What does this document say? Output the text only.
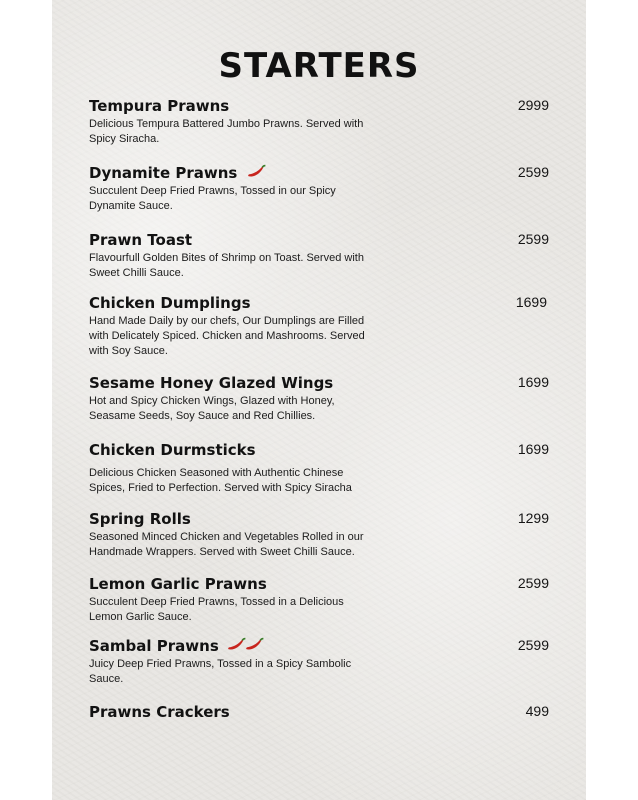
STARTERS
Tempura Prawns
Delicious Tempura Battered Jumbo Prawns. Served with Spicy Siracha.
2999
Dynamite Prawns
Succulent Deep Fried Prawns, Tossed in our Spicy Dynamite Sauce.
2599
Prawn Toast
Flavourfull Golden Bites of Shrimp on Toast. Served with Sweet Chilli Sauce.
2599
Chicken Dumplings
Hand Made Daily by our chefs, Our Dumplings are Filled with Delicately Spiced. Chicken and Mashrooms. Served with Soy Sauce.
1699
Sesame Honey Glazed Wings
Hot and Spicy Chicken Wings, Glazed with Honey, Seasame Seeds, Soy Sauce and Red Chillies.
1699
Chicken Durmsticks
Delicious Chicken Seasoned with Authentic Chinese Spices, Fried to Perfection. Served with Spicy Siracha
1699
Spring Rolls
Seasoned Minced Chicken and Vegetables Rolled in our Handmade Wrappers. Served with Sweet Chilli Sauce.
1299
Lemon Garlic Prawns
Succulent Deep Fried Prawns, Tossed in a Delicious Lemon Garlic Sauce.
2599
Sambal Prawns
Juicy Deep Fried Prawns, Tossed in a Spicy Sambolic Sauce.
2599
Prawns Crackers	499
